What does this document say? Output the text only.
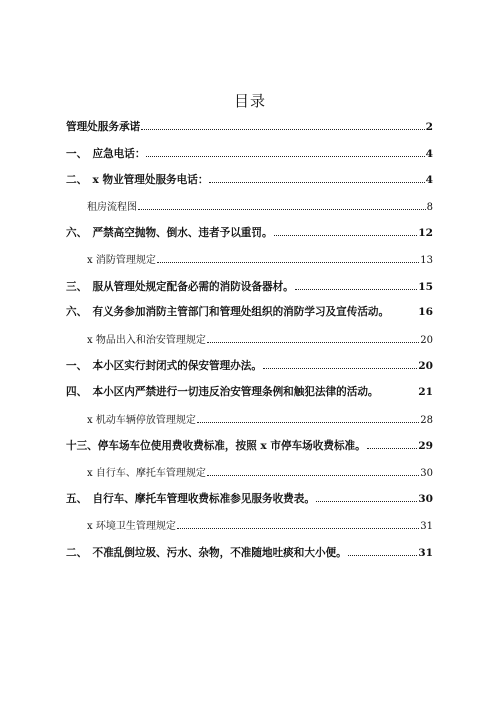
目录
管理处服务承诺	2
一、　应急电话：	4
二、　x 物业管理处服务电话：	4
租房流程图	8
六、　严禁高空抛物、倒水、违者予以重罚。	12
x 消防管理规定	13
三、　服从管理处规定配备必需的消防设备器材。	15
六、　有义务参加消防主管部门和管理处组织的消防学习及宣传活动。	16
x 物品出入和治安管理规定	20
一、　本小区实行封闭式的保安管理办法。	20
四、　本小区内严禁进行一切违反治安管理条例和触犯法律的活动。	21
x 机动车辆停放管理规定	28
十三、停车场车位使用费收费标准，按照 x 市停车场收费标准。	29
x 自行车、摩托车管理规定	30
五、　自行车、摩托车管理收费标准参见服务收费表。	30
x 环境卫生管理规定	31
二、　不准乱倒垃圾、污水、杂物，不准随地吐痰和大小便。	31
